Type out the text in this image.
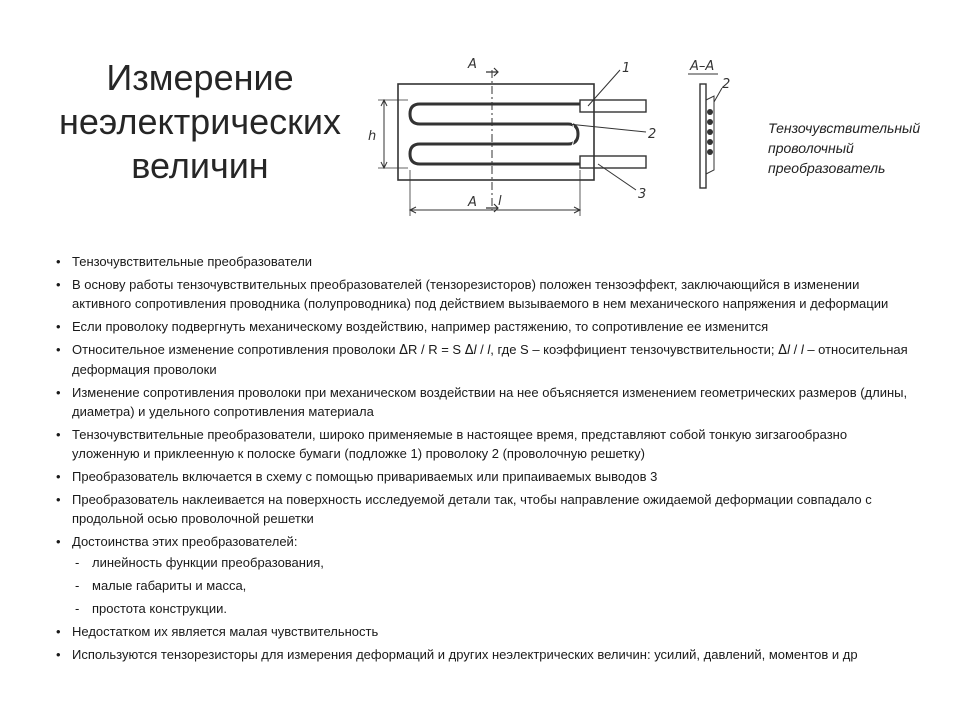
Измерение
неэлектрических
величин
A
A
h
l
1
2
3
A–A
2
Тензочувствительный проволочный преобразователь
• Тензочувствительные преобразователи
• В основу работы тензочувствительных преобразователей (тензорезисторов) положен тензоэффект, заключающийся в изменении активного сопротивления проводника (полупроводника) под действием вызываемого в нем механического напряжения и деформации
• Если проволоку подвергнуть механическому воздействию, например растяжению, то сопротивление ее изменится
• Относительное изменение сопротивления проволоки ΔR / R = S Δl / l, где S – коэффициент тензочувствительности; Δl / l – относительная деформация проволоки
• Изменение сопротивления проволоки при механическом воздействии на нее объясняется изменением геометрических размеров (длины, диаметра) и удельного сопротивления материала
• Тензочувствительные преобразователи, широко применяемые в настоящее время, представляют собой тонкую зигзагообразно уложенную и приклеенную к полоске бумаги (подложке 1) проволоку 2 (проволочную решетку)
• Преобразователь включается в схему с помощью привариваемых или припаиваемых выводов 3
• Преобразователь наклеивается на поверхность исследуемой детали так, чтобы направление ожидаемой деформации совпадало с продольной осью проволочной решетки
• Достоинства этих преобразователей:
- линейность функции преобразования,
- малые габариты и масса,
- простота конструкции.
• Недостатком их является малая чувствительность
• Используются тензорезисторы для измерения деформаций и других неэлектрических величин: усилий, давлений, моментов и др
